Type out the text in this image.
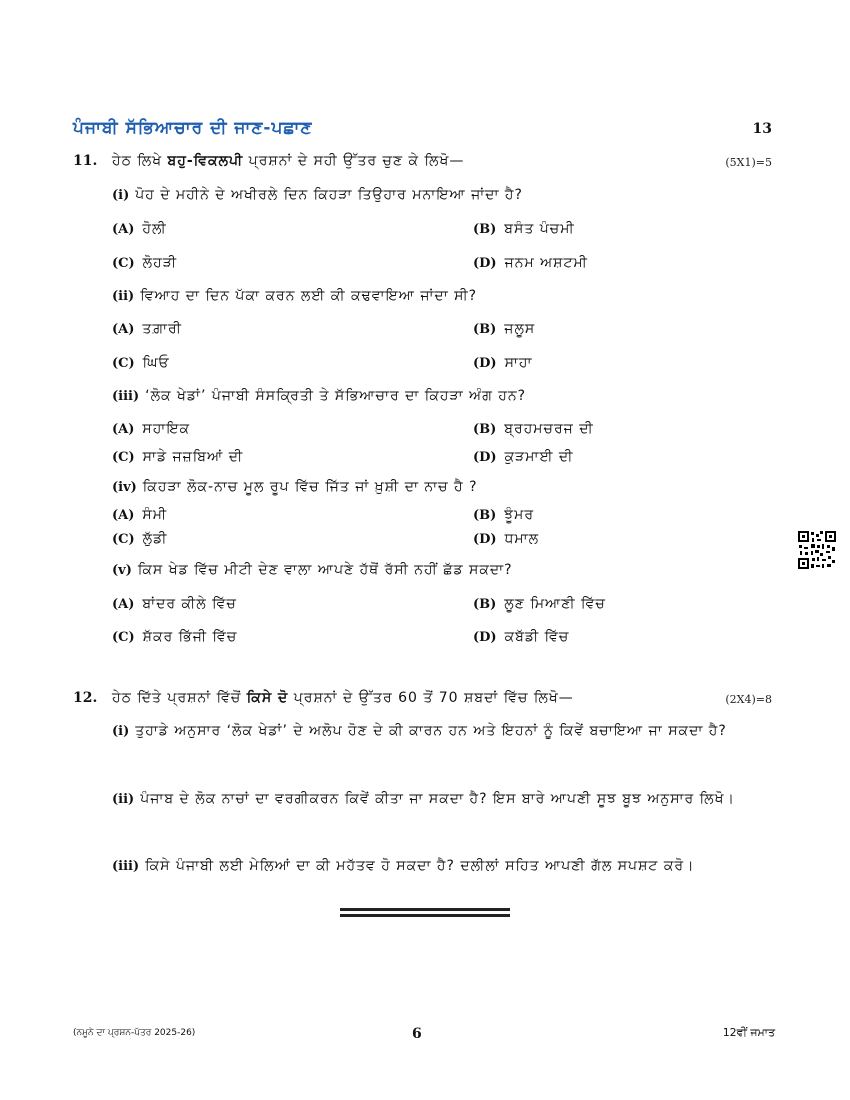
ਪੰਜਾਬੀ ਸੱਭਿਆਚਾਰ ਦੀ ਜਾਣ-ਪਛਾਣ	13
11. ਹੇਠ ਲਿਖੇ ਬਹੁ-ਵਿਕਲਪੀ ਪ੍ਰਸ਼ਨਾਂ ਦੇ ਸਹੀ ਉੱਤਰ ਚੁਣ ਕੇ ਲਿਖੋ—	(5X1)=5
(i) ਪੋਹ ਦੇ ਮਹੀਨੇ ਦੇ ਅਖੀਰਲੇ ਦਿਨ ਕਿਹੜਾ ਤਿਉਹਾਰ ਮਨਾਇਆ ਜਾਂਦਾ ਹੈ?
(A) ਹੋਲੀ	(B) ਬਸੰਤ ਪੰਚਮੀ
(C) ਲੋਹੜੀ	(D) ਜਨਮ ਅਸ਼ਟਮੀ
(ii) ਵਿਆਹ ਦਾ ਦਿਨ ਪੱਕਾ ਕਰਨ ਲਈ ਕੀ ਕਢਵਾਇਆ ਜਾਂਦਾ ਸੀ?
(A) ਤਗ਼ਾਰੀ	(B) ਜਲੂਸ
(C) ਘਿਓ	(D) ਸਾਹਾ
(iii) ‘ਲੋਕ ਖੇਡਾਂ’ ਪੰਜਾਬੀ ਸੰਸਕ੍ਰਿਤੀ ਤੇ ਸੱਭਿਆਚਾਰ ਦਾ ਕਿਹੜਾ ਅੰਗ ਹਨ?
(A) ਸਹਾਇਕ	(B) ਬ੍ਰਹਮਚਰਜ ਦੀ
(C) ਸਾਡੇ ਜਜ਼ਬਿਆਂ ਦੀ	(D) ਕੁੜਮਾਈ ਦੀ
(iv) ਕਿਹੜਾ ਲੋਕ-ਨਾਚ ਮੂਲ ਰੂਪ ਵਿੱਚ ਜਿੱਤ ਜਾਂ ਖ਼ੁਸ਼ੀ ਦਾ ਨਾਚ ਹੈ ?
(A) ਸੰਮੀ	(B) ਝੂੰਮਰ
(C) ਲੁੱਡੀ	(D) ਧਮਾਲ
(v) ਕਿਸ ਖੇਡ ਵਿੱਚ ਮੀਟੀ ਦੇਣ ਵਾਲਾ ਆਪਣੇ ਹੱਥੋਂ ਰੱਸੀ ਨਹੀਂ ਛੱਡ ਸਕਦਾ?
(A) ਬਾਂਦਰ ਕੀਲੇ ਵਿੱਚ	(B) ਲੂਣ ਮਿਆਣੀ ਵਿੱਚ
(C) ਸ਼ੱਕਰ ਭਿੱਜੀ ਵਿੱਚ	(D) ਕਬੱਡੀ ਵਿੱਚ
12. ਹੇਠ ਦਿੱਤੇ ਪ੍ਰਸ਼ਨਾਂ ਵਿੱਚੋਂ ਕਿਸੇ ਦੋ ਪ੍ਰਸ਼ਨਾਂ ਦੇ ਉੱਤਰ 60 ਤੋਂ 70 ਸ਼ਬਦਾਂ ਵਿੱਚ ਲਿਖੋ—	(2X4)=8
(i) ਤੁਹਾਡੇ ਅਨੁਸਾਰ ‘ਲੋਕ ਖੇਡਾਂ’ ਦੇ ਅਲੋਪ ਹੋਣ ਦੇ ਕੀ ਕਾਰਨ ਹਨ ਅਤੇ ਇਹਨਾਂ ਨੂੰ ਕਿਵੇਂ ਬਚਾਇਆ ਜਾ ਸਕਦਾ ਹੈ?
(ii) ਪੰਜਾਬ ਦੇ ਲੋਕ ਨਾਚਾਂ ਦਾ ਵਰਗੀਕਰਨ ਕਿਵੇਂ ਕੀਤਾ ਜਾ ਸਕਦਾ ਹੈ? ਇਸ ਬਾਰੇ ਆਪਣੀ ਸੂਝ ਬੂਝ ਅਨੁਸਾਰ ਲਿਖੋ।
(iii) ਕਿਸੇ ਪੰਜਾਬੀ ਲਈ ਮੇਲਿਆਂ ਦਾ ਕੀ ਮਹੱਤਵ ਹੋ ਸਕਦਾ ਹੈ? ਦਲੀਲਾਂ ਸਹਿਤ ਆਪਣੀ ਗੱਲ ਸਪਸ਼ਟ ਕਰੋ।
(ਨਮੂਨੇ ਦਾ ਪ੍ਰਸ਼ਨ-ਪੱਤਰ 2025-26)	6	12ਵੀਂ ਜਮਾਤ
